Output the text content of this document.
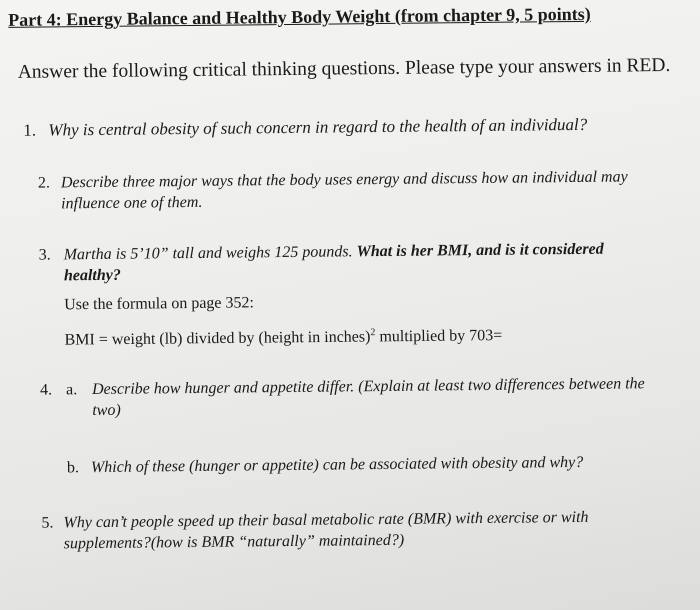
Part 4: Energy Balance and Healthy Body Weight (from chapter 9, 5 points)
Answer the following critical thinking questions. Please type your answers in RED.
1. Why is central obesity of such concern in regard to the health of an individual?
2. Describe three major ways that the body uses energy and discuss how an individual may
influence one of them.
3. Martha is 5’10” tall and weighs 125 pounds. What is her BMI, and is it considered
healthy?
Use the formula on page 352:
BMI = weight (lb) divided by (height in inches)$^2$ multiplied by 703=
4. a. Describe how hunger and appetite differ. (Explain at least two differences between the
two)
b. Which of these (hunger or appetite) can be associated with obesity and why?
5. Why can’t people speed up their basal metabolic rate (BMR) with exercise or with
supplements?(how is BMR “naturally” maintained?)
